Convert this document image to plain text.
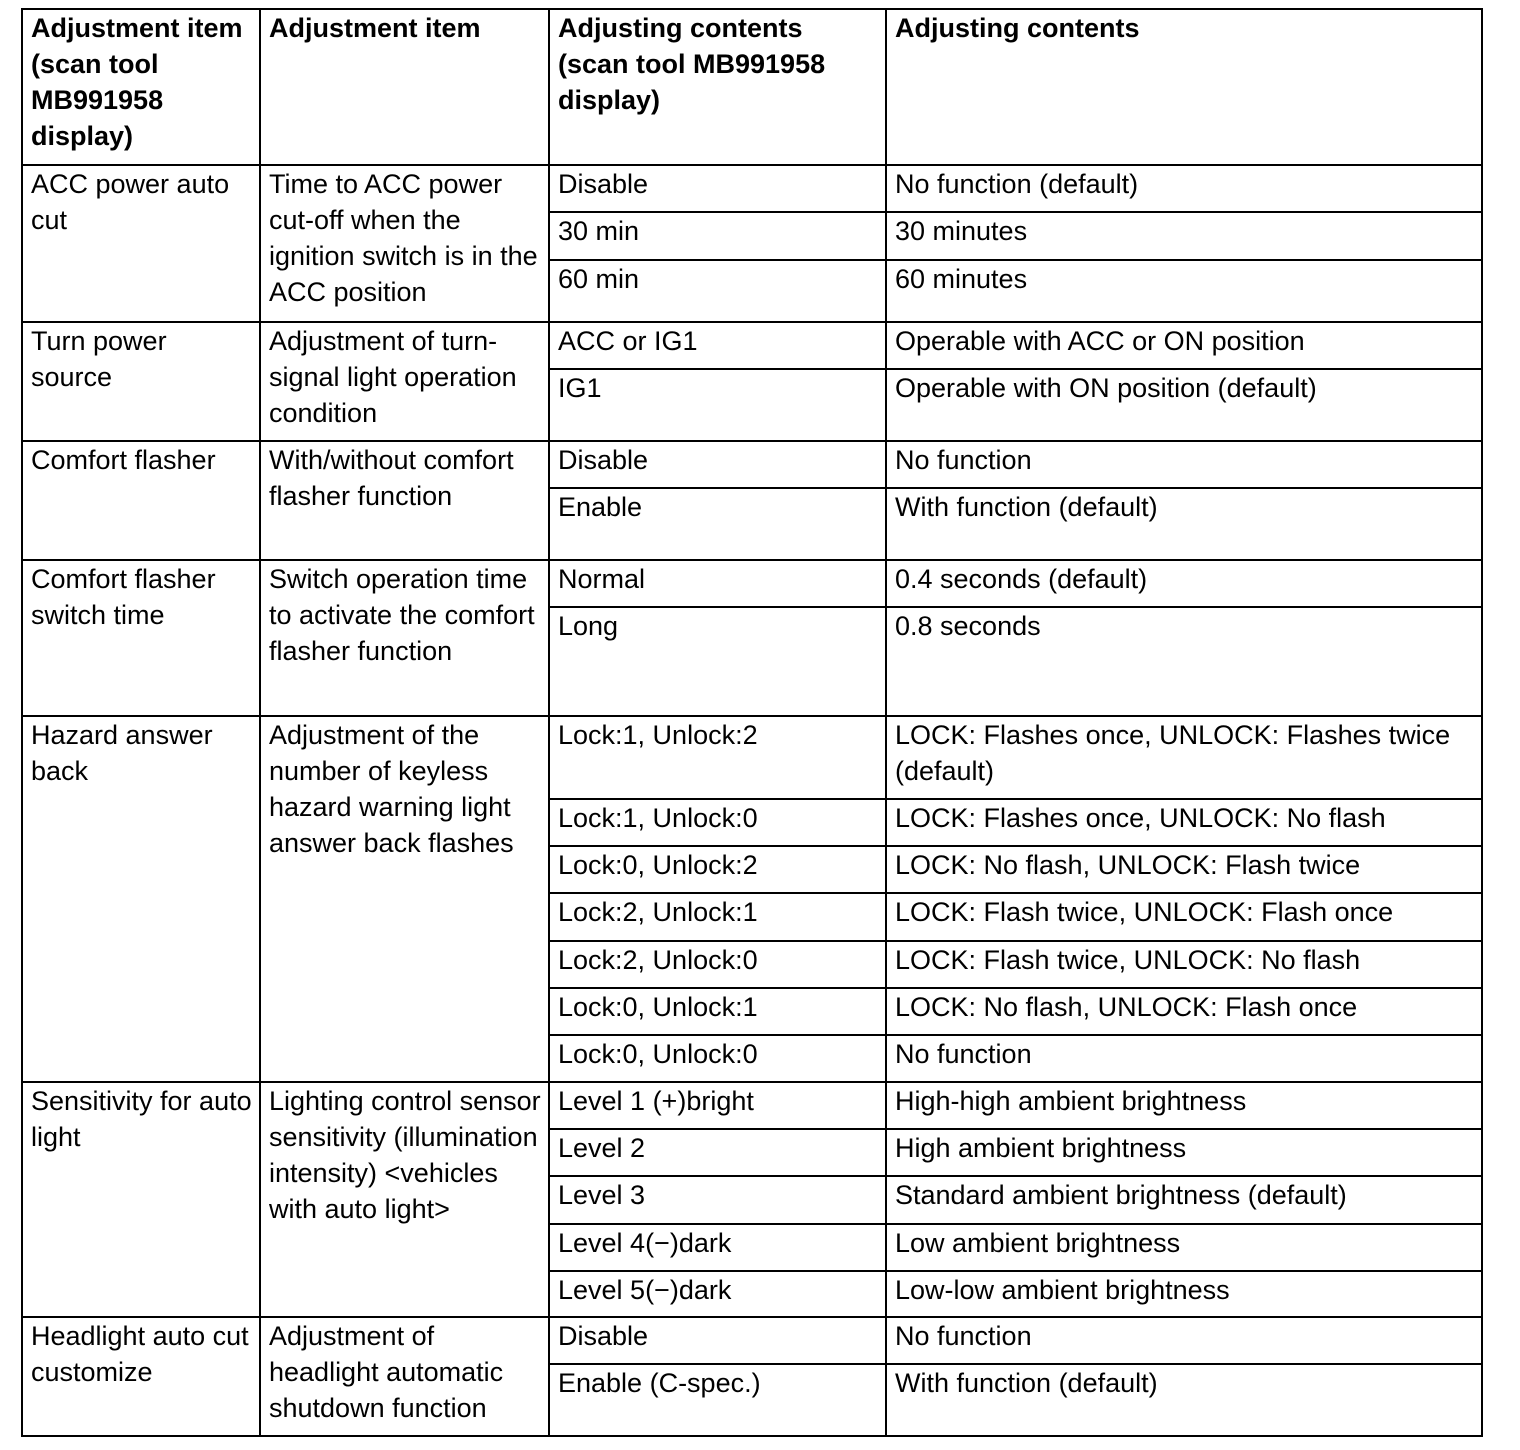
Adjustment item (scan tool MB991958 display)	Adjustment item	Adjusting contents (scan tool MB991958 display)	Adjusting contents
ACC power auto cut	Time to ACC power cut-off when the ignition switch is in the ACC position	Disable	No function (default)
		30 min	30 minutes
		60 min	60 minutes
Turn power source	Adjustment of turn-signal light operation condition	ACC or IG1	Operable with ACC or ON position
		IG1	Operable with ON position (default)
Comfort flasher	With/without comfort flasher function	Disable	No function
		Enable	With function (default)
Comfort flasher switch time	Switch operation time to activate the comfort flasher function	Normal	0.4 seconds (default)
		Long	0.8 seconds
Hazard answer back	Adjustment of the number of keyless hazard warning light answer back flashes	Lock:1, Unlock:2	LOCK: Flashes once, UNLOCK: Flashes twice (default)
		Lock:1, Unlock:0	LOCK: Flashes once, UNLOCK: No flash
		Lock:0, Unlock:2	LOCK: No flash, UNLOCK: Flash twice
		Lock:2, Unlock:1	LOCK: Flash twice, UNLOCK: Flash once
		Lock:2, Unlock:0	LOCK: Flash twice, UNLOCK: No flash
		Lock:0, Unlock:1	LOCK: No flash, UNLOCK: Flash once
		Lock:0, Unlock:0	No function
Sensitivity for auto light	Lighting control sensor sensitivity (illumination intensity) <vehicles with auto light>	Level 1 (+)bright	High-high ambient brightness
		Level 2	High ambient brightness
		Level 3	Standard ambient brightness (default)
		Level 4(−)dark	Low ambient brightness
		Level 5(−)dark	Low-low ambient brightness
Headlight auto cut customize	Adjustment of headlight automatic shutdown function	Disable	No function
		Enable (C-spec.)	With function (default)
